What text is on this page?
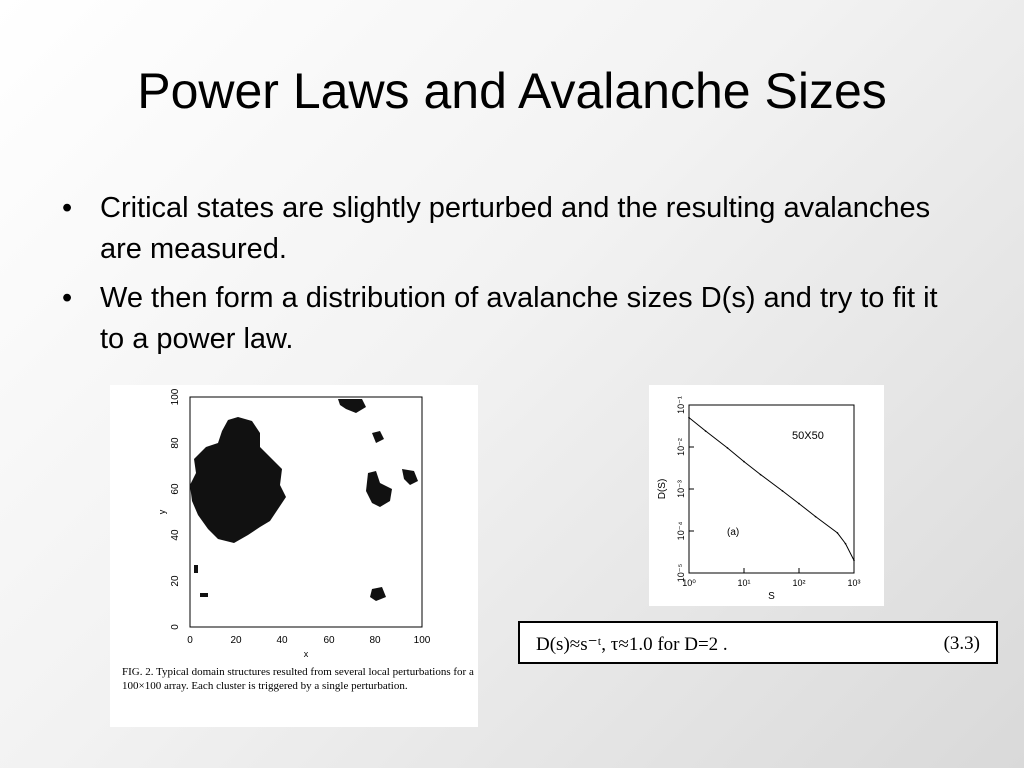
Power Laws and Avalanche Sizes
• Critical states are slightly perturbed and the resulting avalanches are measured.
• We then form a distribution of avalanche sizes D(s) and try to fit it to a power law.
0	20	40	60	80	100
x
0
20
40
60
80
100
y
FIG. 2. Typical domain structures resulted from several local perturbations for a 100×100 array. Each cluster is triggered by a single perturbation.
10⁰	10¹	10²	10³
10⁻¹
10⁻²
10⁻³
10⁻⁴
10⁻⁵
S
D(S)
50X50
(a)
D(s)≈s⁻ᵗ, τ≈1.0 for D=2 .	(3.3)
